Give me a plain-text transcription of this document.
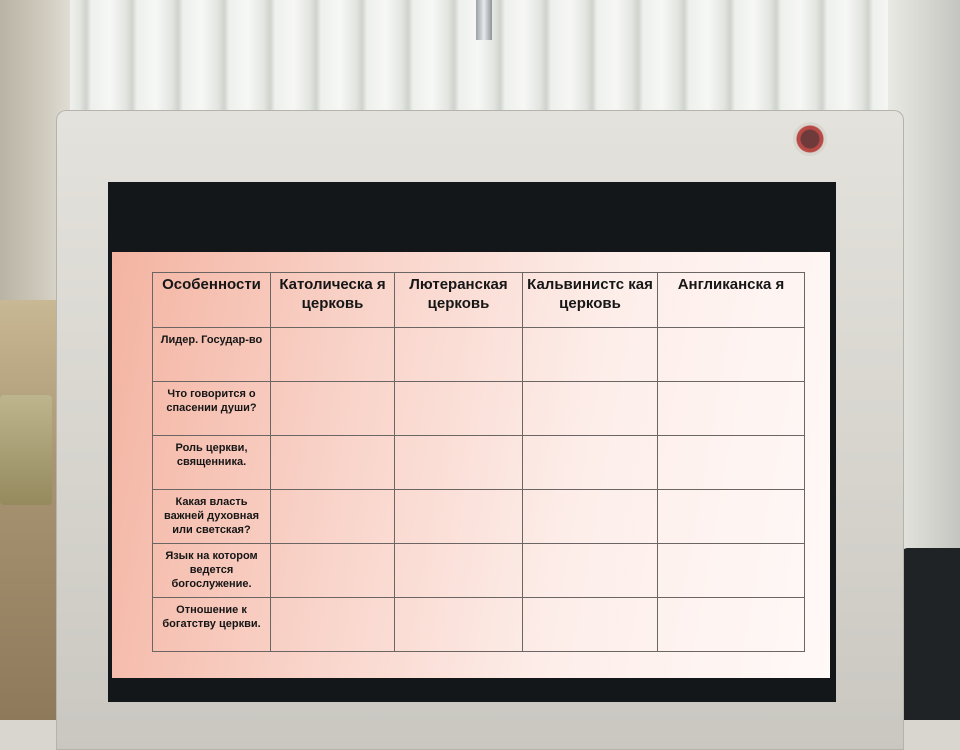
Особенности	Католическа я церковь	Лютеранская церковь	Кальвинистс кая церковь	Англиканска я
Лидер. Государ-во				
Что говорится о спасении души?				
Роль церкви, священника.				
Какая власть важней духовная или светская?				
Язык на котором ведется богослужение.				
Отношение к богатству церкви.				
